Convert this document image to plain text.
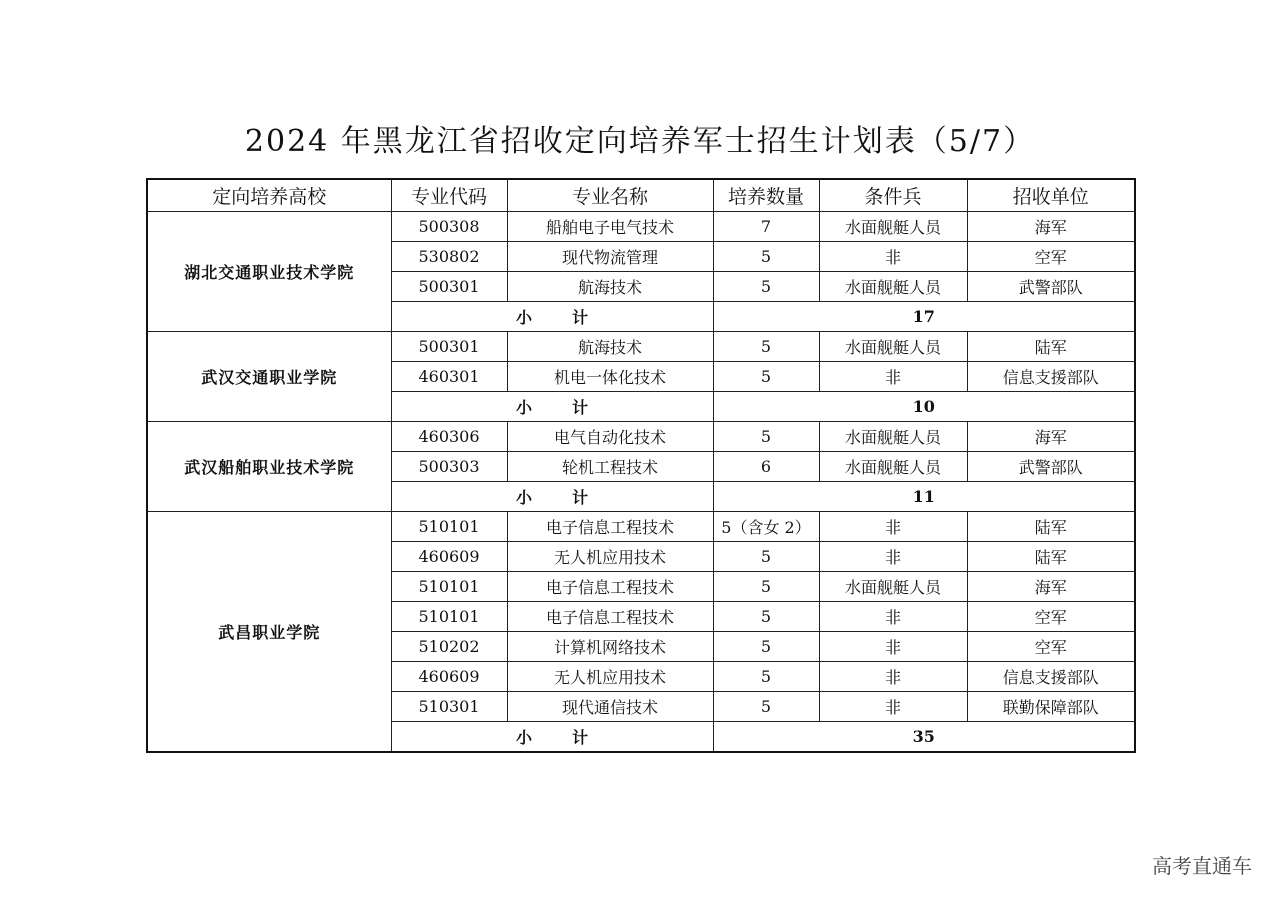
2024 年黑龙江省招收定向培养军士招生计划表（5/7）
定向培养高校	专业代码	专业名称	培养数量	条件兵	招收单位
湖北交通职业技术学院	500308	船舶电子电气技术	7	水面舰艇人员	海军
	530802	现代物流管理	5	非	空军
	500301	航海技术	5	水面舰艇人员	武警部队
	小 计		17		
武汉交通职业学院	500301	航海技术	5	水面舰艇人员	陆军
	460301	机电一体化技术	5	非	信息支援部队
	小 计		10		
武汉船舶职业技术学院	460306	电气自动化技术	5	水面舰艇人员	海军
	500303	轮机工程技术	6	水面舰艇人员	武警部队
	小 计		11		
武昌职业学院	510101	电子信息工程技术	5（含女 2）	非	陆军
	460609	无人机应用技术	5	非	陆军
	510101	电子信息工程技术	5	水面舰艇人员	海军
	510101	电子信息工程技术	5	非	空军
	510202	计算机网络技术	5	非	空军
	460609	无人机应用技术	5	非	信息支援部队
	510301	现代通信技术	5	非	联勤保障部队
	小 计		35		
高考直通车
